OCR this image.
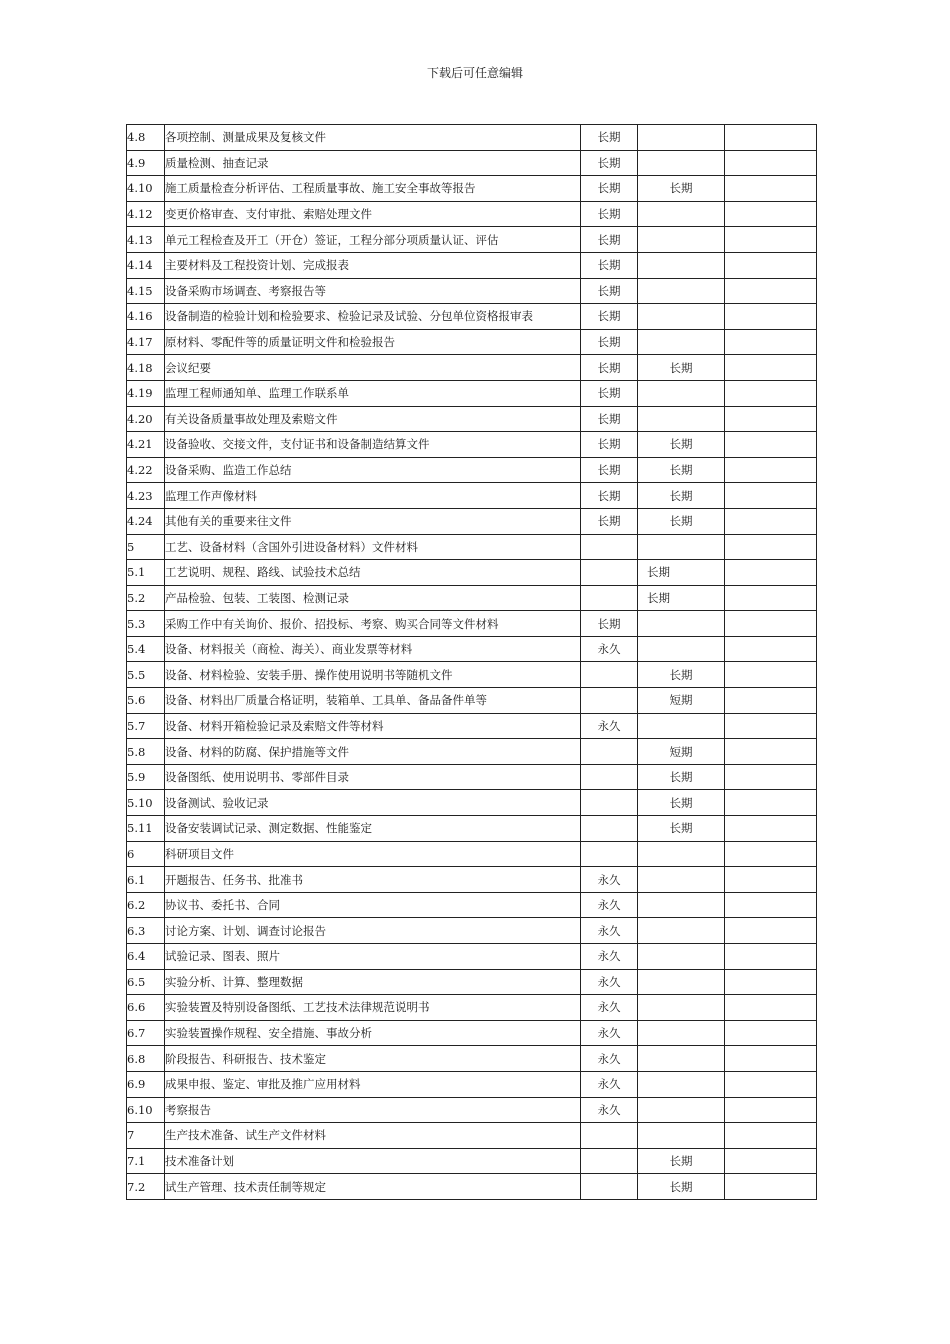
下载后可任意编辑
4.8	各项控制、测量成果及复核文件	长期		
4.9	质量检测、抽查记录	长期		
4.10	施工质量检查分析评估、工程质量事故、施工安全事故等报告	长期	长期	
4.12	变更价格审查、支付审批、索赔处理文件	长期		
4.13	单元工程检查及开工（开仓）签证，工程分部分项质量认证、评估	长期		
4.14	主要材料及工程投资计划、完成报表	长期		
4.15	设备采购市场调查、考察报告等	长期		
4.16	设备制造的检验计划和检验要求、检验记录及试验、分包单位资格报审表	长期		
4.17	原材料、零配件等的质量证明文件和检验报告	长期		
4.18	会议纪要	长期	长期	
4.19	监理工程师通知单、监理工作联系单	长期		
4.20	有关设备质量事故处理及索赔文件	长期		
4.21	设备验收、交接文件，支付证书和设备制造结算文件	长期	长期	
4.22	设备采购、监造工作总结	长期	长期	
4.23	监理工作声像材料	长期	长期	
4.24	其他有关的重要来往文件	长期	长期	
5	工艺、设备材料（含国外引进设备材料）文件材料			
5.1	工艺说明、规程、路线、试验技术总结		长期	
5.2	产品检验、包装、工装图、检测记录		长期	
5.3	采购工作中有关询价、报价、招投标、考察、购买合同等文件材料	长期		
5.4	设备、材料报关（商检、海关）、商业发票等材料	永久		
5.5	设备、材料检验、安装手册、操作使用说明书等随机文件		长期	
5.6	设备、材料出厂质量合格证明，装箱单、工具单、备品备件单等		短期	
5.7	设备、材料开箱检验记录及索赔文件等材料	永久		
5.8	设备、材料的防腐、保护措施等文件		短期	
5.9	设备图纸、使用说明书、零部件目录		长期	
5.10	设备测试、验收记录		长期	
5.11	设备安装调试记录、测定数据、性能鉴定		长期	
6	科研项目文件			
6.1	开题报告、任务书、批准书	永久		
6.2	协议书、委托书、合同	永久		
6.3	讨论方案、计划、调查讨论报告	永久		
6.4	试验记录、图表、照片	永久		
6.5	实验分析、计算、整理数据	永久		
6.6	实验装置及特别设备图纸、工艺技术法律规范说明书	永久		
6.7	实验装置操作规程、安全措施、事故分析	永久		
6.8	阶段报告、科研报告、技术鉴定	永久		
6.9	成果申报、鉴定、审批及推广应用材料	永久		
6.10	考察报告	永久		
7	生产技术准备、试生产文件材料			
7.1	技术准备计划		长期	
7.2	试生产管理、技术责任制等规定		长期	
